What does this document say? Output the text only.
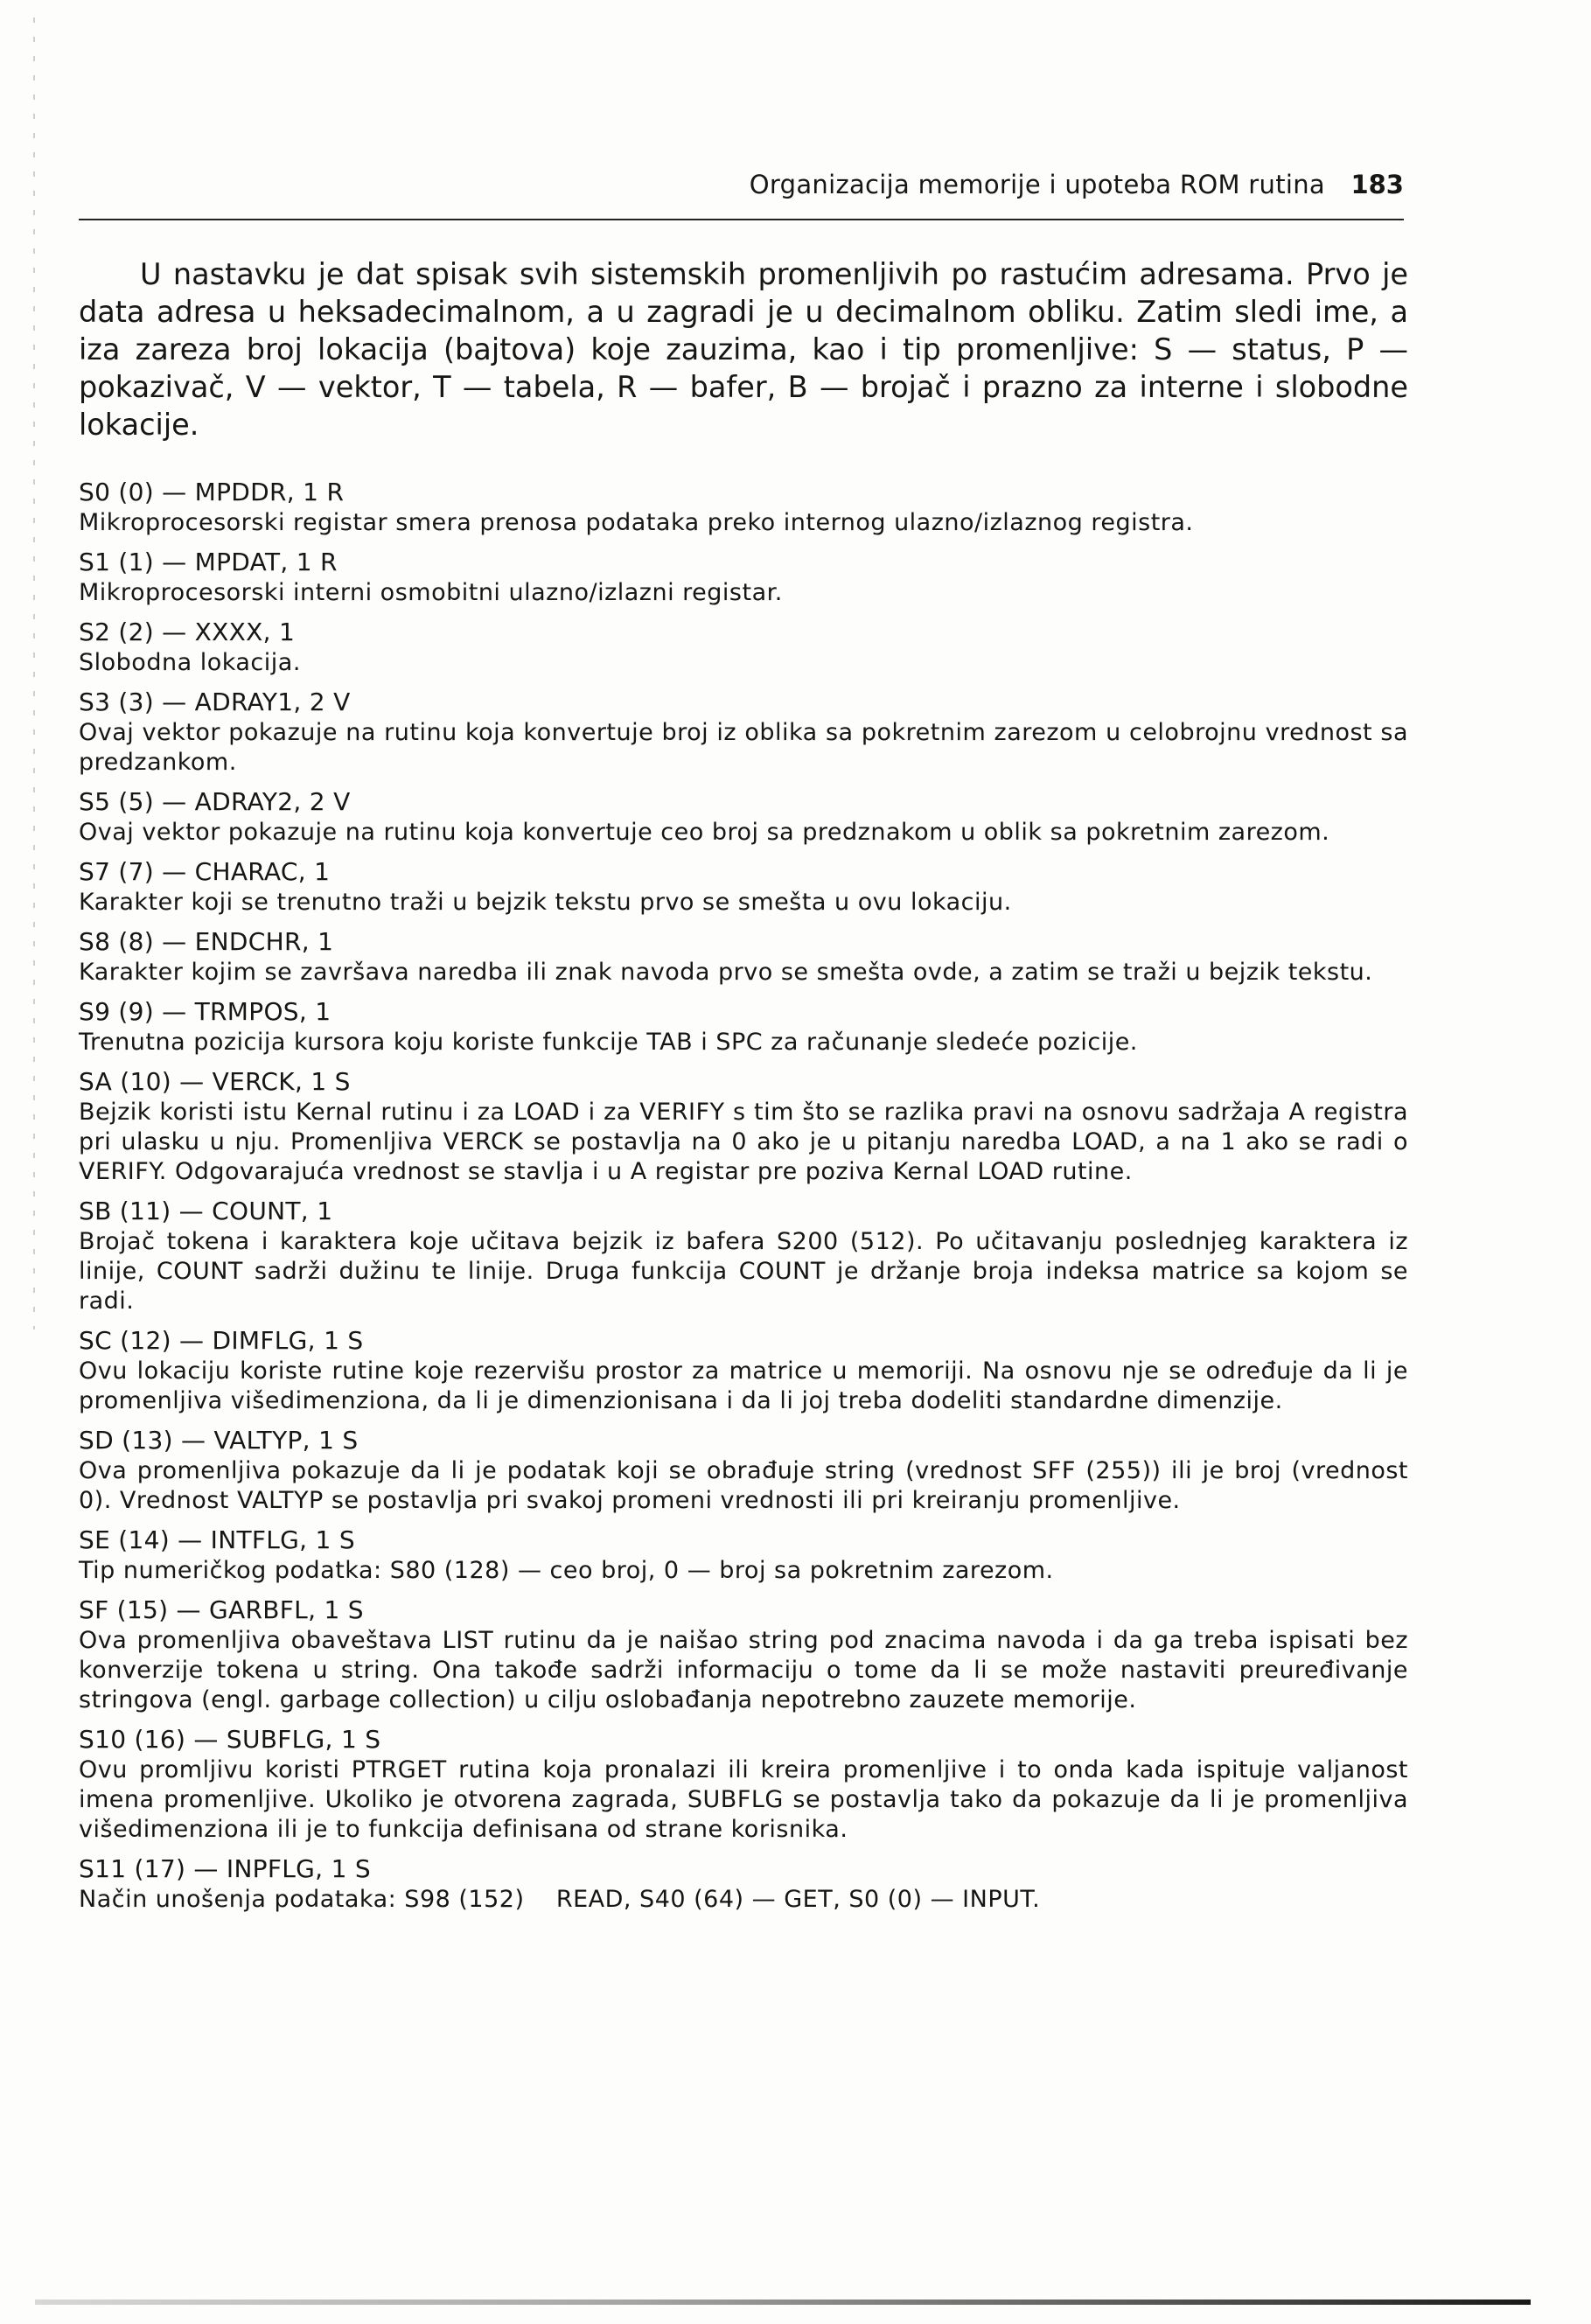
Organizacija memorije i upoteba ROM rutina 183

U nastavku je dat spisak svih sistemskih promenljivih po rastućim adresama. Prvo je data adresa u heksadecimalnom, a u zagradi je u decimalnom obliku. Zatim sledi ime, a iza zareza broj lokacija (bajtova) koje zauzima, kao i tip promenljive: S — status, P — pokazivač, V — vektor, T — tabela, R — bafer, B — brojač i prazno za interne i slobodne lokacije.

S0 (0) — MPDDR, 1 R

Mikroprocesorski registar smera prenosa podataka preko internog ulazno/izlaznog registra.

S1 (1) — MPDAT, 1 R

Mikroprocesorski interni osmobitni ulazno/izlazni registar.

S2 (2) — XXXX, 1

Slobodna lokacija.

S3 (3) — ADRAY1, 2 V

Ovaj vektor pokazuje na rutinu koja konvertuje broj iz oblika sa pokretnim zarezom u celobrojnu vrednost sa predzankom.

S5 (5) — ADRAY2, 2 V

Ovaj vektor pokazuje na rutinu koja konvertuje ceo broj sa predznakom u oblik sa pokretnim zarezom.

S7 (7) — CHARAC, 1

Karakter koji se trenutno traži u bejzik tekstu prvo se smešta u ovu lokaciju.

S8 (8) — ENDCHR, 1

Karakter kojim se završava naredba ili znak navoda prvo se smešta ovde, a zatim se traži u bejzik tekstu.

S9 (9) — TRMPOS, 1

Trenutna pozicija kursora koju koriste funkcije TAB i SPC za računanje sledeće pozicije.

SA (10) — VERCK, 1 S

Bejzik koristi istu Kernal rutinu i za LOAD i za VERIFY s tim što se razlika pravi na osnovu sadržaja A registra pri ulasku u nju. Promenljiva VERCK se postavlja na 0 ako je u pitanju naredba LOAD, a na 1 ako se radi o VERIFY. Odgovarajuća vrednost se stavlja i u A registar pre poziva Kernal LOAD rutine.

SB (11) — COUNT, 1

Brojač tokena i karaktera koje učitava bejzik iz bafera S200 (512). Po učitavanju poslednjeg karaktera iz linije, COUNT sadrži dužinu te linije. Druga funkcija COUNT je držanje broja indeksa matrice sa kojom se radi.

SC (12) — DIMFLG, 1 S

Ovu lokaciju koriste rutine koje rezervišu prostor za matrice u memoriji. Na osnovu nje se određuje da li je promenljiva višedimenziona, da li je dimenzionisana i da li joj treba dodeliti standardne dimenzije.

SD (13) — VALTYP, 1 S

Ova promenljiva pokazuje da li je podatak koji se obrađuje string (vrednost SFF (255)) ili je broj (vrednost 0). Vrednost VALTYP se postavlja pri svakoj promeni vrednosti ili pri kreiranju promenljive.

SE (14) — INTFLG, 1 S

Tip numeričkog podatka: S80 (128) — ceo broj, 0 — broj sa pokretnim zarezom.

SF (15) — GARBFL, 1 S

Ova promenljiva obaveštava LIST rutinu da je naišao string pod znacima navoda i da ga treba ispisati bez konverzije tokena u string. Ona takođe sadrži informaciju o tome da li se može nastaviti preuređivanje stringova (engl. garbage collection) u cilju oslobađanja nepotrebno zauzete memorije.

S10 (16) — SUBFLG, 1 S

Ovu promljivu koristi PTRGET rutina koja pronalazi ili kreira promenljive i to onda kada ispituje valjanost imena promenljive. Ukoliko je otvorena zagrada, SUBFLG se postavlja tako da pokazuje da li je promenljiva višedimenziona ili je to funkcija definisana od strane korisnika.

S11 (17) — INPFLG, 1 S

Način unošenja podataka: S98 (152)    READ, S40 (64) — GET, S0 (0) — INPUT.
